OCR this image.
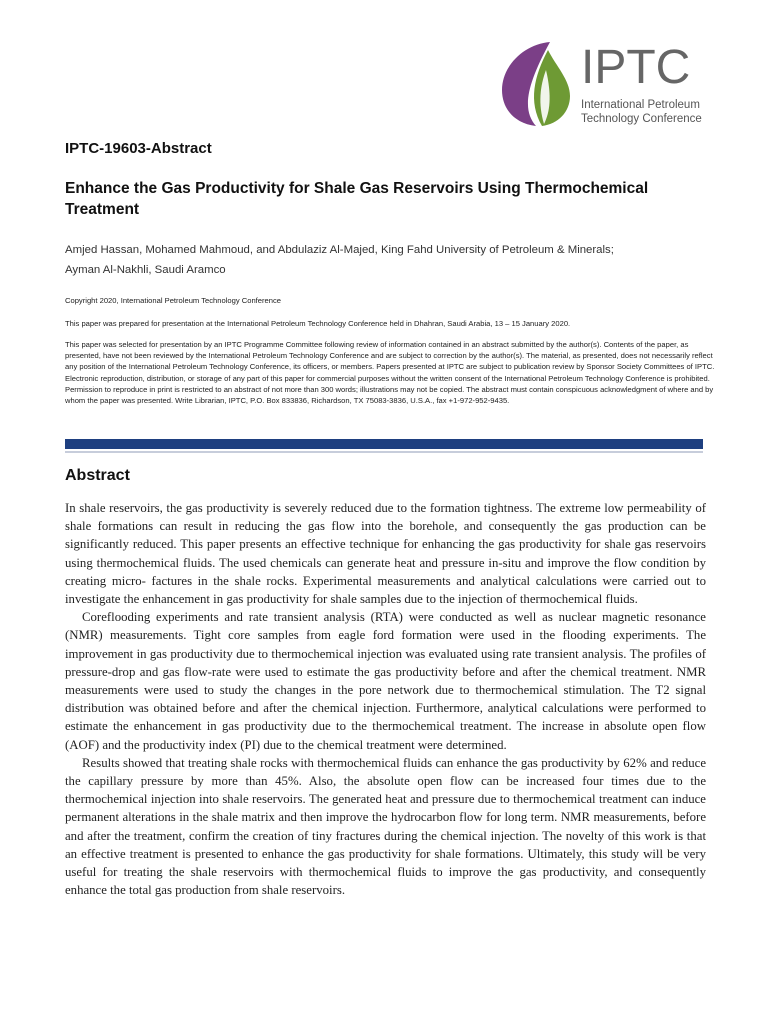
IPTC
International Petroleum
Technology Conference
IPTC-19603-Abstract
Enhance the Gas Productivity for Shale Gas Reservoirs Using Thermochemical Treatment
Amjed Hassan, Mohamed Mahmoud, and Abdulaziz Al-Majed, King Fahd University of Petroleum & Minerals;
Ayman Al-Nakhli, Saudi Aramco
Copyright 2020, International Petroleum Technology Conference
This paper was prepared for presentation at the International Petroleum Technology Conference held in Dhahran, Saudi Arabia, 13 – 15 January 2020.
This paper was selected for presentation by an IPTC Programme Committee following review of information contained in an abstract submitted by the author(s). Contents of the paper, as presented, have not been reviewed by the International Petroleum Technology Conference and are subject to correction by the author(s). The material, as presented, does not necessarily reflect any position of the International Petroleum Technology Conference, its officers, or members. Papers presented at IPTC are subject to publication review by Sponsor Society Committees of IPTC. Electronic reproduction, distribution, or storage of any part of this paper for commercial purposes without the written consent of the International Petroleum Technology Conference is prohibited. Permission to reproduce in print is restricted to an abstract of not more than 300 words; illustrations may not be copied. The abstract must contain conspicuous acknowledgment of where and by whom the paper was presented. Write Librarian, IPTC, P.O. Box 833836, Richardson, TX 75083-3836, U.S.A., fax +1-972-952-9435.
Abstract

In shale reservoirs, the gas productivity is severely reduced due to the formation tightness. The extreme low permeability of shale formations can result in reducing the gas flow into the borehole, and consequently the gas production can be significantly reduced. This paper presents an effective technique for enhancing the gas productivity for shale gas reservoirs using thermochemical fluids. The used chemicals can generate heat and pressure in-situ and improve the flow condition by creating micro- factures in the shale rocks. Experimental measurements and analytical calculations were carried out to investigate the enhancement in gas productivity for shale samples due to the injection of thermochemical fluids.

Coreflooding experiments and rate transient analysis (RTA) were conducted as well as nuclear magnetic resonance (NMR) measurements. Tight core samples from eagle ford formation were used in the flooding experiments. The improvement in gas productivity due to thermochemical injection was evaluated using rate transient analysis. The profiles of pressure-drop and gas flow-rate were used to estimate the gas productivity before and after the chemical treatment. NMR measurements were used to study the changes in the pore network due to thermochemical stimulation. The T2 signal distribution was obtained before and after the chemical injection. Furthermore, analytical calculations were performed to estimate the enhancement in gas productivity due to the thermochemical treatment. The increase in absolute open flow (AOF) and the productivity index (PI) due to the chemical treatment were determined.

Results showed that treating shale rocks with thermochemical fluids can enhance the gas productivity by 62% and reduce the capillary pressure by more than 45%. Also, the absolute open flow can be increased four times due to the thermochemical injection into shale reservoirs. The generated heat and pressure due to thermochemical treatment can induce permanent alterations in the shale matrix and then improve the hydrocarbon flow for long term. NMR measurements, before and after the treatment, confirm the creation of tiny fractures during the chemical injection. The novelty of this work is that an effective treatment is presented to enhance the gas productivity for shale formations. Ultimately, this study will be very useful for treating the shale reservoirs with thermochemical fluids to improve the gas productivity, and consequently enhance the total gas production from shale reservoirs.
